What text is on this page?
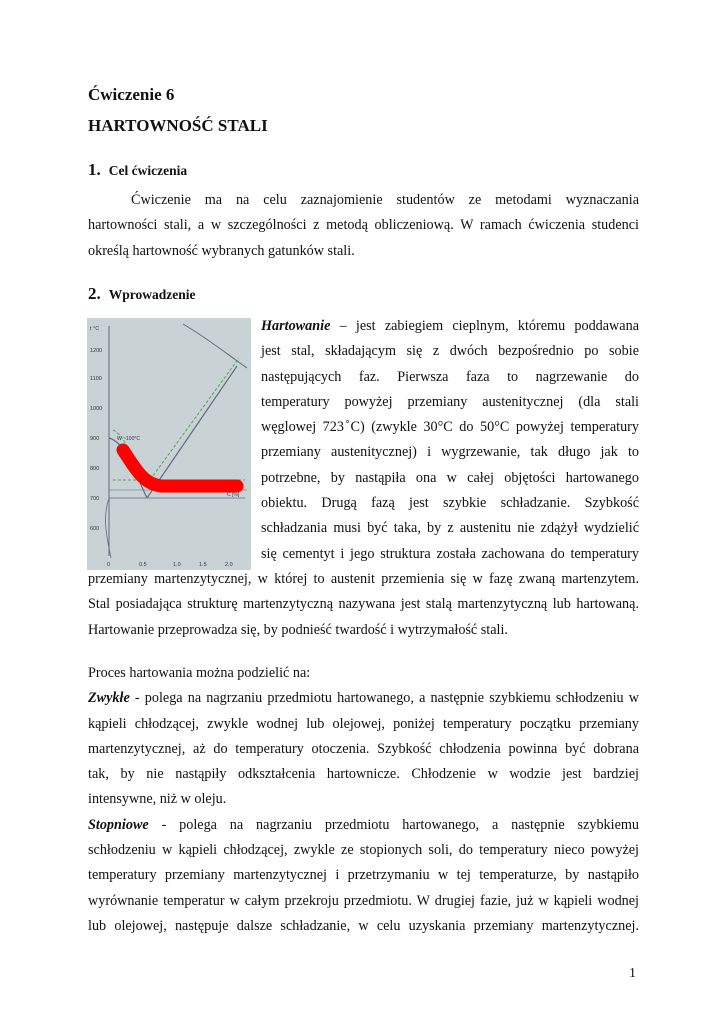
Ćwiczenie 6
HARTOWNOŚĆ STALI
1. Cel ćwiczenia
Ćwiczenie ma na celu zaznajomienie studentów ze metodami wyznaczania
hartowności stali, a w szczególności z metodą obliczeniową. W ramach ćwiczenia studenci
określą hartowność wybranych gatunków stali.
2. Wprowadzenie
t °C
1200
1100
1000
900
800
700
600
0	0.5	1.0	1.5	2.0
W ~100°C
C [%]
Hartowanie – jest zabiegiem cieplnym, któremu poddawana
jest stal, składającym się z dwóch bezpośrednio po sobie
następujących faz. Pierwsza faza to nagrzewanie do
temperatury powyżej przemiany austenitycznej (dla stali
węglowej 723 ̊C) (zwykle 30°C do 50°C powyżej temperatury
przemiany austenitycznej) i wygrzewanie, tak długo jak to
potrzebne, by nastąpiła ona w całej objętości hartowanego
obiektu. Drugą fazą jest szybkie schładzanie. Szybkość
schładzania musi być taka, by z austenitu nie zdążył wydzielić
się cementyt i jego struktura została zachowana do temperatury
przemiany martenzytycznej, w której to austenit przemienia się w fazę zwaną martenzytem.
Stal posiadająca strukturę martenzytyczną nazywana jest stalą martenzytyczną lub hartowaną.
Hartowanie przeprowadza się, by podnieść twardość i wytrzymałość stali.
Proces hartowania można podzielić na:
Zwykłe - polega na nagrzaniu przedmiotu hartowanego, a następnie szybkiemu schłodzeniu w
kąpieli chłodzącej, zwykle wodnej lub olejowej, poniżej temperatury początku przemiany
martenzytycznej, aż do temperatury otoczenia. Szybkość chłodzenia powinna być dobrana
tak, by nie nastąpiły odkształcenia hartownicze. Chłodzenie w wodzie jest bardziej
intensywne, niż w oleju.
Stopniowe - polega na nagrzaniu przedmiotu hartowanego, a następnie szybkiemu
schłodzeniu w kąpieli chłodzącej, zwykle ze stopionych soli, do temperatury nieco powyżej
temperatury przemiany martenzytycznej i przetrzymaniu w tej temperaturze, by nastąpiło
wyrównanie temperatur w całym przekroju przedmiotu. W drugiej fazie, już w kąpieli wodnej
lub olejowej, następuje dalsze schładzanie, w celu uzyskania przemiany martenzytycznej.
1
